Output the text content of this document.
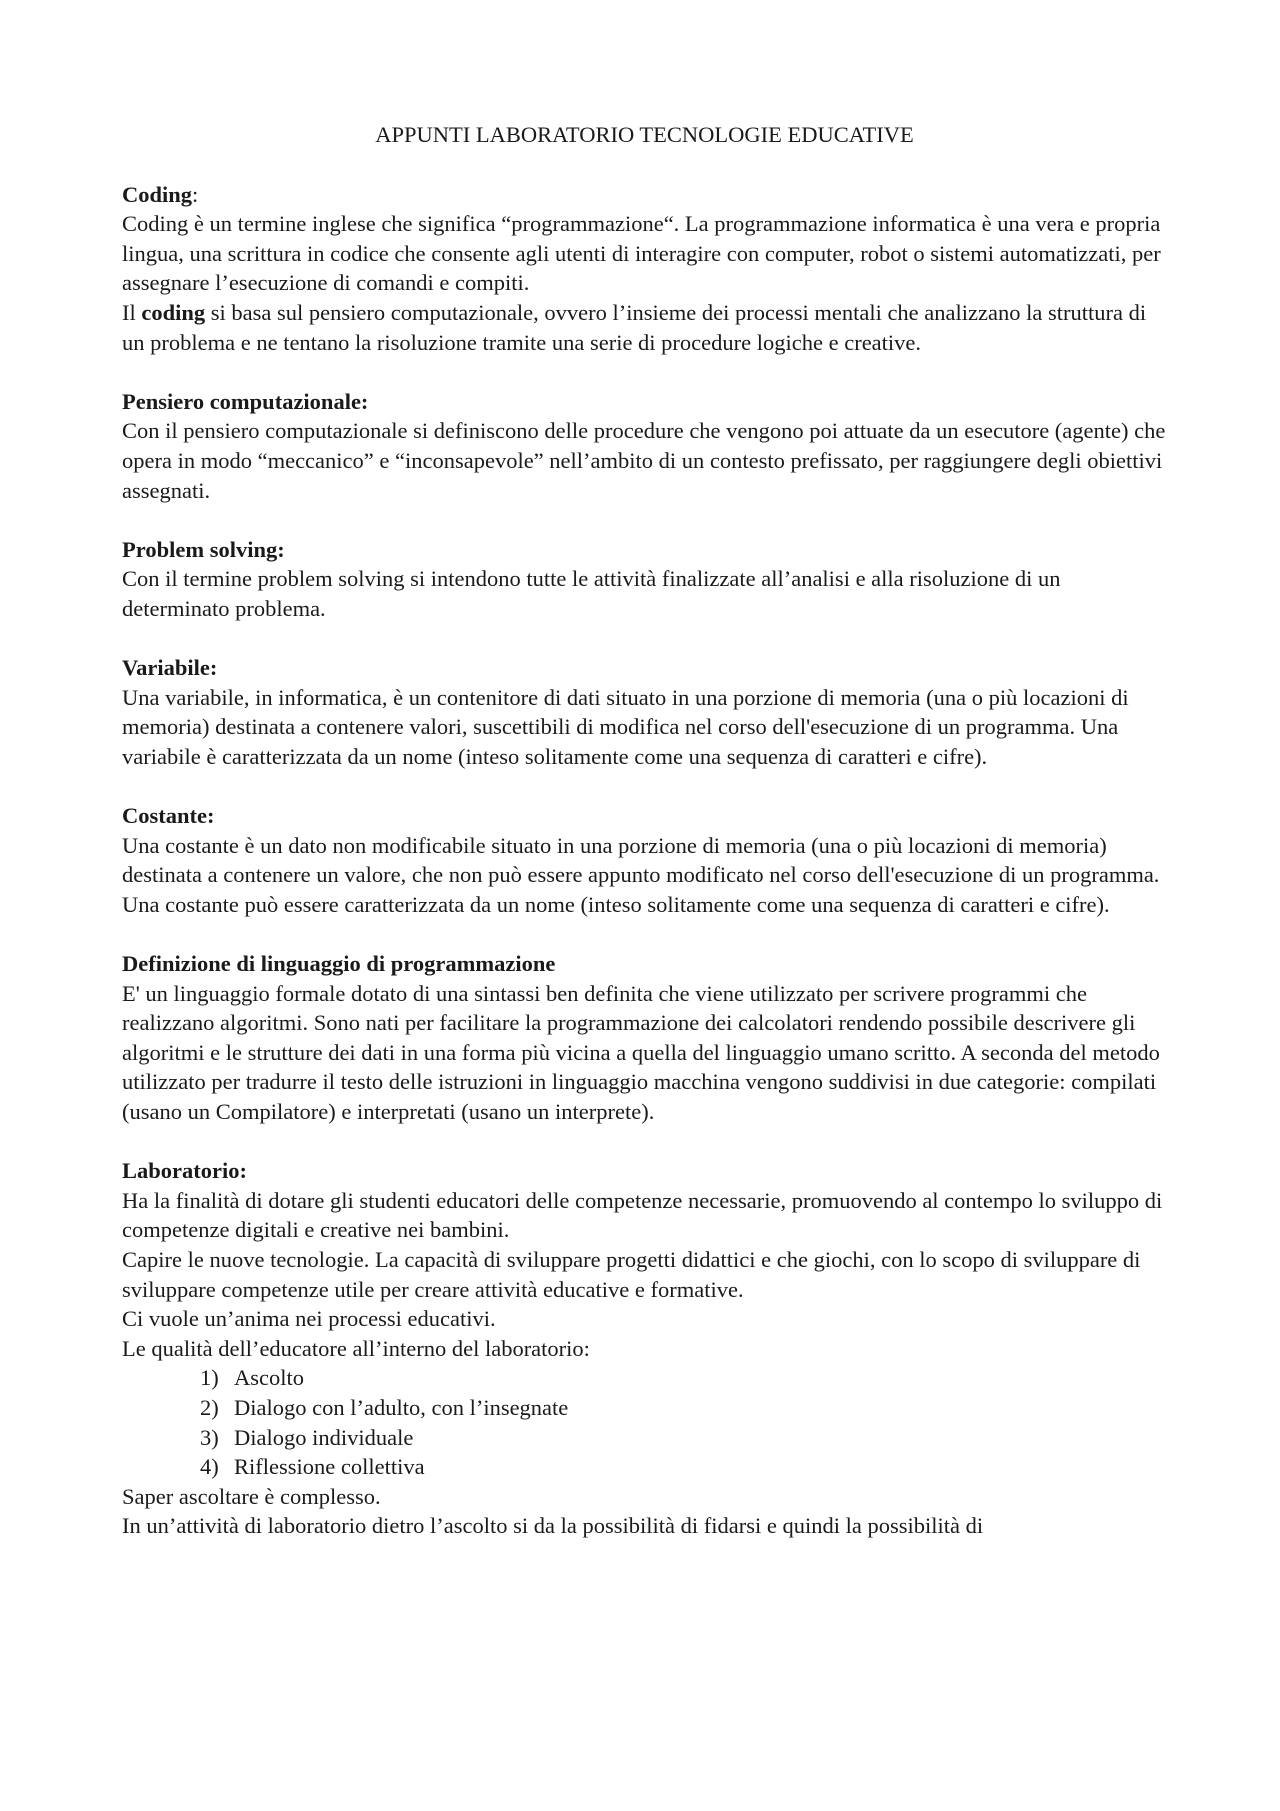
APPUNTI LABORATORIO TECNOLOGIE EDUCATIVE
Coding:

Coding è un termine inglese che significa “programmazione“. La programmazione informatica è una vera e propria lingua, una scrittura in codice che consente agli utenti di interagire con computer, robot o sistemi automatizzati, per assegnare l’esecuzione di comandi e compiti.

Il coding si basa sul pensiero computazionale, ovvero l’insieme dei processi mentali che analizzano la struttura di un problema e ne tentano la risoluzione tramite una serie di procedure logiche e creative.

Pensiero computazionale:

Con il pensiero computazionale si definiscono delle procedure che vengono poi attuate da un esecutore (agente) che opera in modo “meccanico” e “inconsapevole” nell’ambito di un contesto prefissato, per raggiungere degli obiettivi assegnati.

Problem solving:

Con il termine problem solving si intendono tutte le attività finalizzate all’analisi e alla risoluzione di un determinato problema.

Variabile:

Una variabile, in informatica, è un contenitore di dati situato in una porzione di memoria (una o più locazioni di memoria) destinata a contenere valori, suscettibili di modifica nel corso dell'esecuzione di un programma. Una variabile è caratterizzata da un nome (inteso solitamente come una sequenza di caratteri e cifre).

Costante:

Una costante è un dato non modificabile situato in una porzione di memoria (una o più locazioni di memoria) destinata a contenere un valore, che non può essere appunto modificato nel corso dell'esecuzione di un programma. Una costante può essere caratterizzata da un nome (inteso solitamente come una sequenza di caratteri e cifre).

Definizione di linguaggio di programmazione

E' un linguaggio formale dotato di una sintassi ben definita che viene utilizzato per scrivere programmi che realizzano algoritmi. Sono nati per facilitare la programmazione dei calcolatori rendendo possibile descrivere gli algoritmi e le strutture dei dati in una forma più vicina a quella del linguaggio umano scritto. A seconda del metodo utilizzato per tradurre il testo delle istruzioni in linguaggio macchina vengono suddivisi in due categorie: compilati (usano un Compilatore) e interpretati (usano un interprete).

Laboratorio:

Ha la finalità di dotare gli studenti educatori delle competenze necessarie, promuovendo al contempo lo sviluppo di competenze digitali e creative nei bambini.

Capire le nuove tecnologie. La capacità di sviluppare progetti didattici e che giochi, con lo scopo di sviluppare di sviluppare competenze utile per creare attività educative e formative.

Ci vuole un’anima nei processi educativi.

Le qualità dell’educatore all’interno del laboratorio:

1) Ascolto
2) Dialogo con l’adulto, con l’insegnate
3) Dialogo individuale
4) Riflessione collettiva

Saper ascoltare è complesso.

In un’attività di laboratorio dietro l’ascolto si da la possibilità di fidarsi e quindi la possibilità di
